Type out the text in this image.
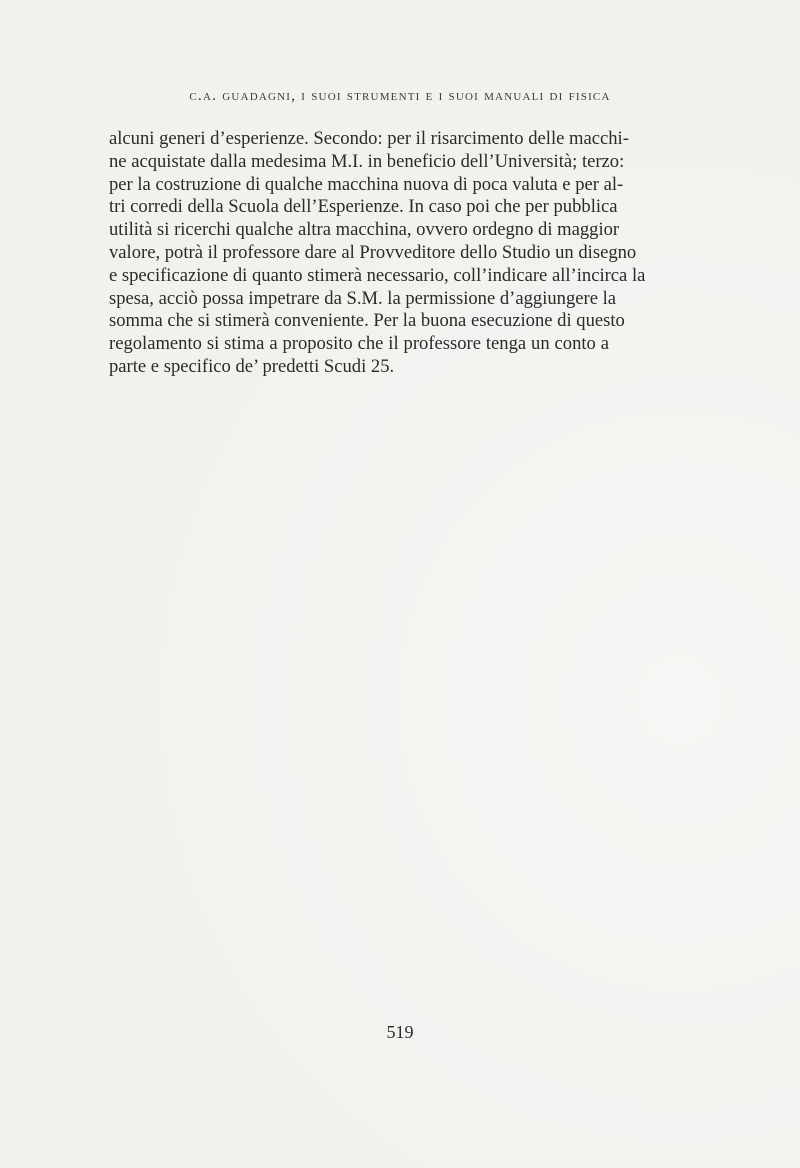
c.a. guadagni, i suoi strumenti e i suoi manuali di fisica
alcuni generi d’esperienze. Secondo: per il risarcimento delle macchi-
ne acquistate dalla medesima M.I. in beneficio dell’Università; terzo:
per la costruzione di qualche macchina nuova di poca valuta e per al-
tri corredi della Scuola dell’Esperienze. In caso poi che per pubblica
utilità si ricerchi qualche altra macchina, ovvero ordegno di maggior
valore, potrà il professore dare al Provveditore dello Studio un disegno
e specificazione di quanto stimerà necessario, coll’indicare all’incirca la
spesa, acciò possa impetrare da S.M. la permissione d’aggiungere la
somma che si stimerà conveniente. Per la buona esecuzione di questo
regolamento si stima a proposito che il professore tenga un conto a
parte e specifico de’ predetti Scudi 25.
519
